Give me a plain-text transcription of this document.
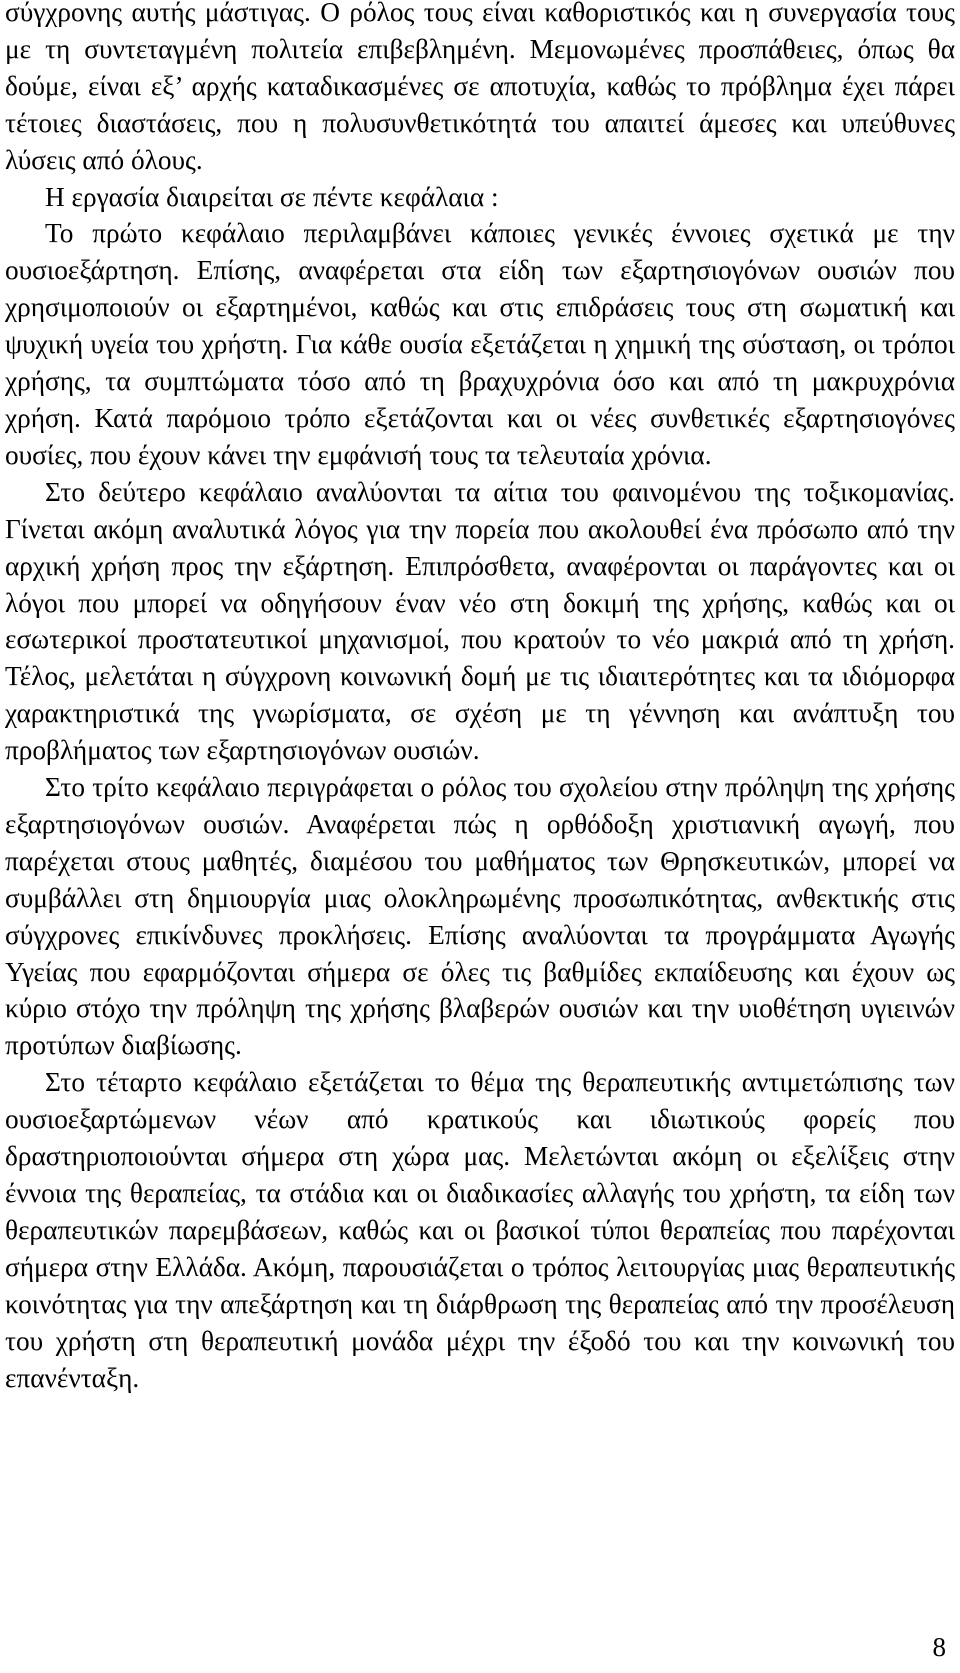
σύγχρονης αυτής μάστιγας. Ο ρόλος τους είναι καθοριστικός και η συνεργασία τους με τη συντεταγμένη πολιτεία επιβεβλημένη. Μεμονωμένες προσπάθειες, όπως θα δούμε, είναι εξ’ αρχής καταδικασμένες σε αποτυχία, καθώς το πρόβλημα έχει πάρει τέτοιες διαστάσεις, που η πολυσυνθετικότητά του απαιτεί άμεσες και υπεύθυνες λύσεις από όλους.

Η εργασία διαιρείται σε πέντε κεφάλαια :

Το πρώτο κεφάλαιο περιλαμβάνει κάποιες γενικές έννοιες σχετικά με την ουσιοεξάρτηση. Επίσης, αναφέρεται στα είδη των εξαρτησιογόνων ουσιών που χρησιμοποιούν οι εξαρτημένοι, καθώς και στις επιδράσεις τους στη σωματική και ψυχική υγεία του χρήστη. Για κάθε ουσία εξετάζεται η χημική της σύσταση, οι τρόποι χρήσης, τα συμπτώματα τόσο από τη βραχυχρόνια όσο και από τη μακρυχρόνια χρήση. Κατά παρόμοιο τρόπο εξετάζονται και οι νέες συνθετικές εξαρτησιογόνες ουσίες, που έχουν κάνει την εμφάνισή τους τα τελευταία χρόνια.

Στο δεύτερο κεφάλαιο αναλύονται τα αίτια του φαινομένου της τοξικομανίας. Γίνεται ακόμη αναλυτικά λόγος για την πορεία που ακολουθεί ένα πρόσωπο από την αρχική χρήση προς την εξάρτηση. Επιπρόσθετα, αναφέρονται οι παράγοντες και οι λόγοι που μπορεί να οδηγήσουν έναν νέο στη δοκιμή της χρήσης, καθώς και οι εσωτερικοί προστατευτικοί μηχανισμοί, που κρατούν το νέο μακριά από τη χρήση. Τέλος, μελετάται η σύγχρονη κοινωνική δομή με τις ιδιαιτερότητες και τα ιδιόμορφα χαρακτηριστικά της γνωρίσματα, σε σχέση με τη γέννηση και ανάπτυξη του προβλήματος των εξαρτησιογόνων ουσιών.

Στο τρίτο κεφάλαιο περιγράφεται ο ρόλος του σχολείου στην πρόληψη της χρήσης εξαρτησιογόνων ουσιών. Αναφέρεται πώς η ορθόδοξη χριστιανική αγωγή, που παρέχεται στους μαθητές, διαμέσου του μαθήματος των Θρησκευτικών, μπορεί να συμβάλλει στη δημιουργία μιας ολοκληρωμένης προσωπικότητας, ανθεκτικής στις σύγχρονες επικίνδυνες προκλήσεις. Επίσης αναλύονται τα προγράμματα Αγωγής Υγείας που εφαρμόζονται σήμερα σε όλες τις βαθμίδες εκπαίδευσης και έχουν ως κύριο στόχο την πρόληψη της χρήσης βλαβερών ουσιών και την υιοθέτηση υγιεινών προτύπων διαβίωσης.

Στο τέταρτο κεφάλαιο εξετάζεται το θέμα της θεραπευτικής αντιμετώπισης των ουσιοεξαρτώμενων νέων από κρατικούς και ιδιωτικούς φορείς που δραστηριοποιούνται σήμερα στη χώρα μας. Μελετώνται ακόμη οι εξελίξεις στην έννοια της θεραπείας, τα στάδια και οι διαδικασίες αλλαγής του χρήστη, τα είδη των θεραπευτικών παρεμβάσεων, καθώς και οι βασικοί τύποι θεραπείας που παρέχονται σήμερα στην Ελλάδα. Ακόμη, παρουσιάζεται ο τρόπος λειτουργίας μιας θεραπευτικής κοινότητας για την απεξάρτηση και τη διάρθρωση της θεραπείας από την προσέλευση του χρήστη στη θεραπευτική μονάδα μέχρι την έξοδό του και την κοινωνική του επανένταξη.

8
